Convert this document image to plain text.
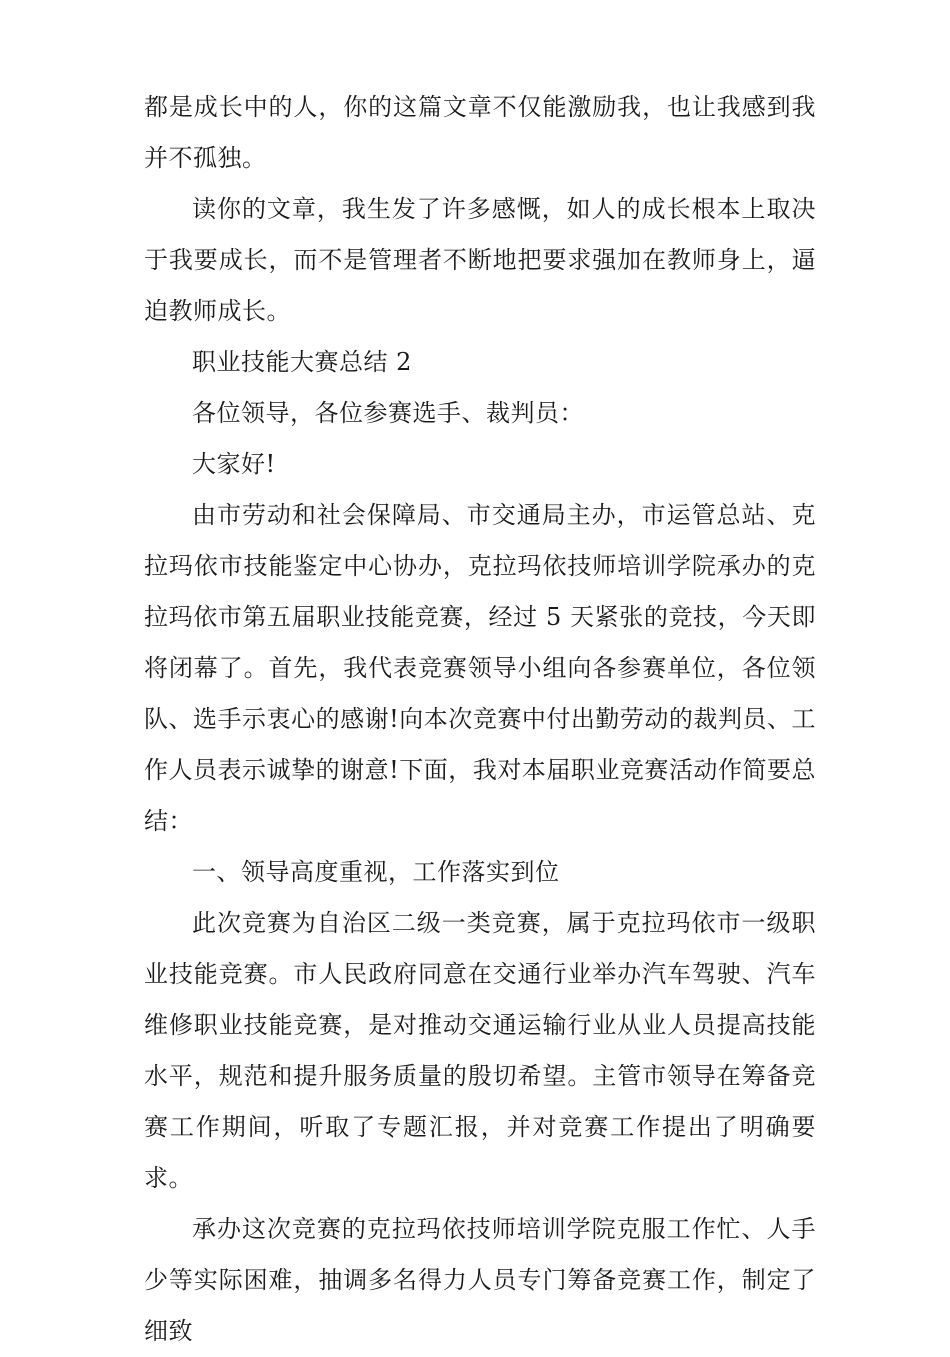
都是成长中的人，你的这篇文章不仅能激励我，也让我感到我并不孤独。

读你的文章，我生发了许多感慨，如人的成长根本上取决于我要成长，而不是管理者不断地把要求强加在教师身上，逼迫教师成长。

职业技能大赛总结 2

各位领导，各位参赛选手、裁判员：

大家好!

由市劳动和社会保障局、市交通局主办，市运管总站、克拉玛依市技能鉴定中心协办，克拉玛依技师培训学院承办的克拉玛依市第五届职业技能竞赛，经过 5 天紧张的竞技，今天即将闭幕了。首先，我代表竞赛领导小组向各参赛单位，各位领队、选手示衷心的感谢!向本次竞赛中付出勤劳动的裁判员、工作人员表示诚挚的谢意!下面，我对本届职业竞赛活动作简要总结：

一、领导高度重视，工作落实到位

此次竞赛为自治区二级一类竞赛，属于克拉玛依市一级职业技能竞赛。市人民政府同意在交通行业举办汽车驾驶、汽车维修职业技能竞赛，是对推动交通运输行业从业人员提高技能水平，规范和提升服务质量的殷切希望。主管市领导在筹备竞赛工作期间，听取了专题汇报，并对竞赛工作提出了明确要求。

承办这次竞赛的克拉玛依技师培训学院克服工作忙、人手少等实际困难，抽调多名得力人员专门筹备竞赛工作，制定了细致
